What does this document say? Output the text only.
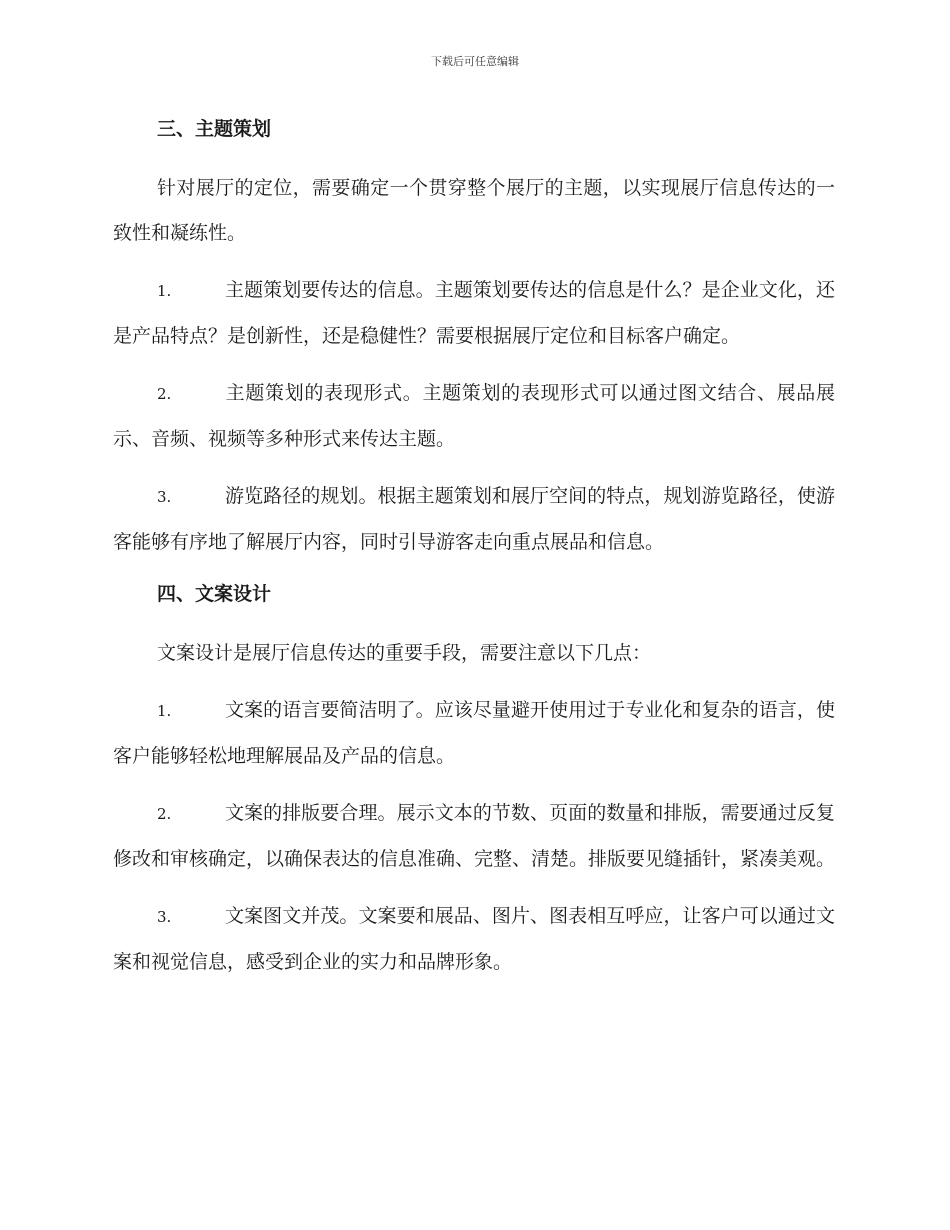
下载后可任意编辑
三、主题策划

针对展厅的定位，需要确定一个贯穿整个展厅的主题，以实现展厅信息传达的一致性和凝练性。

1.	主题策划要传达的信息。主题策划要传达的信息是什么？是企业文化，还是产品特点？是创新性，还是稳健性？需要根据展厅定位和目标客户确定。

2.	主题策划的表现形式。主题策划的表现形式可以通过图文结合、展品展示、音频、视频等多种形式来传达主题。

3.	游览路径的规划。根据主题策划和展厅空间的特点，规划游览路径，使游客能够有序地了解展厅内容，同时引导游客走向重点展品和信息。

四、文案设计

文案设计是展厅信息传达的重要手段，需要注意以下几点：

1.	文案的语言要简洁明了。应该尽量避开使用过于专业化和复杂的语言，使客户能够轻松地理解展品及产品的信息。

2.	文案的排版要合理。展示文本的节数、页面的数量和排版，需要通过反复修改和审核确定，以确保表达的信息准确、完整、清楚。排版要见缝插针，紧凑美观。

3.	文案图文并茂。文案要和展品、图片、图表相互呼应，让客户可以通过文案和视觉信息，感受到企业的实力和品牌形象。
